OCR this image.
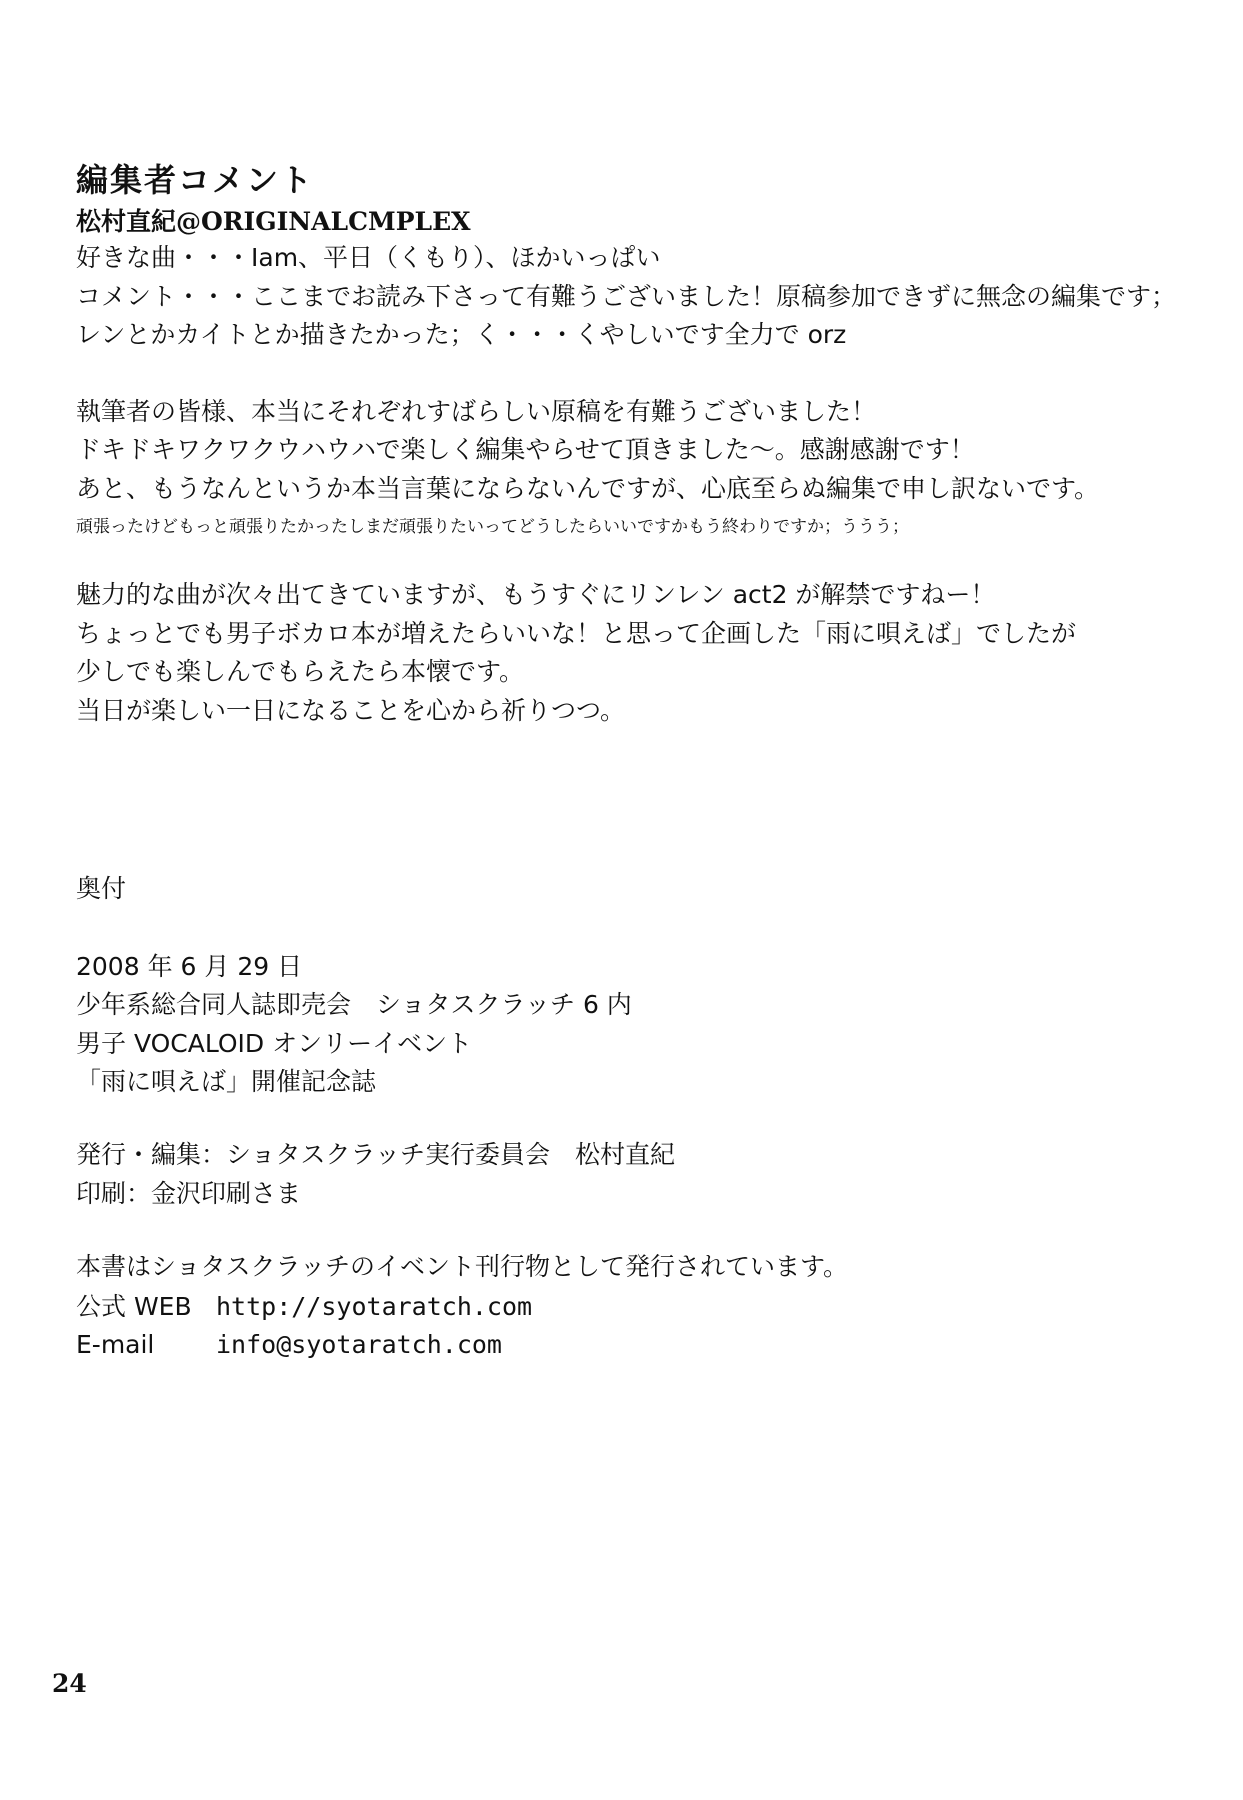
編集者コメント
松村直紀@ORIGINALCMPLEX
好きな曲・・・Iam、平日（くもり）、ほかいっぱい
コメント・・・ここまでお読み下さって有難うございました！原稿参加できずに無念の編集です；
レンとかカイトとか描きたかった；く・・・くやしいです全力で orz
執筆者の皆様、本当にそれぞれすばらしい原稿を有難うございました！
ドキドキワクワクウハウハで楽しく編集やらせて頂きました～。感謝感謝です！
あと、もうなんというか本当言葉にならないんですが、心底至らぬ編集で申し訳ないです。
頑張ったけどもっと頑張りたかったしまだ頑張りたいってどうしたらいいですかもう終わりですか；ううう；
魅力的な曲が次々出てきていますが、もうすぐにリンレン act2 が解禁ですねー！
ちょっとでも男子ボカロ本が増えたらいいな！と思って企画した「雨に唄えば」でしたが
少しでも楽しんでもらえたら本懐です。
当日が楽しい一日になることを心から祈りつつ。
奥付
2008 年 6 月 29 日
少年系総合同人誌即売会　ショタスクラッチ 6 内
男子 VOCALOID オンリーイベント
「雨に唄えば」開催記念誌
発行・編集：ショタスクラッチ実行委員会　松村直紀
印刷：金沢印刷さま
本書はショタスクラッチのイベント刊行物として発行されています。
公式 WEB http://syotaratch.com
E-mail info@syotaratch.com
24
